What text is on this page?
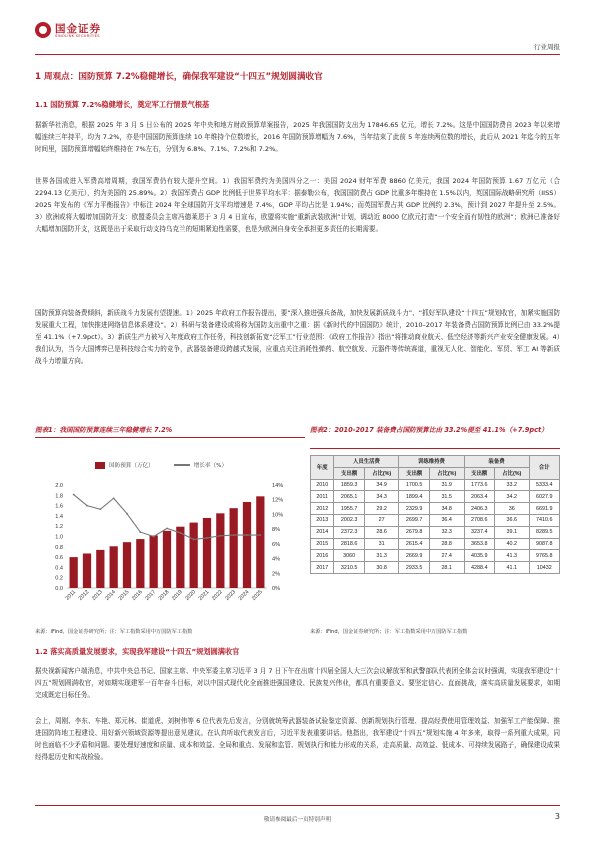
国金证券
SINOLINK SECURITIES
行业周报
1 周观点：国防预算 7.2%稳健增长，确保我军建设“十四五”规划圆满收官
1.1 国防预算 7.2%稳健增长，奠定军工行情景气根基
据新华社消息，根据 2025 年 3 月 5 日公布的 2025 年中央和地方财政预算草案报告，2025 年我国国防支出为 17846.65 亿元，增长 7.2%。这是中国国防费自 2023 年以来增幅连续三年持平，均为 7.2%，亦是中国国防预算连续 10 年维持个位数增长，2016 年国防预算增幅为 7.6%，当年结束了此前 5 年连续两位数的增长，此后从 2021 年迄今的五年时间里，国防预算增幅始终维持在 7%左右，分别为 6.8%、7.1%、7.2%和 7.2%。
世界各国或进入军费高增周期，我国军费仍有较大提升空间。1）我国军费约为美国四分之一：美国 2024 财年军费 8860 亿美元，我国 2024 年国防预算 1.67 万亿元（合 2294.13 亿美元），约为美国的 25.89%。2）我国军费占 GDP 比例低于世界平均水平：据泰勒公布，我国国防费占 GDP 比重多年维持在 1.5%以内，英国国际战略研究所（IISS）2025 年发布的《军力平衡报告》中标注 2024 年全球国防开支平均增速是 7.4%，GDP 平均占比是 1.94%；而英国军费占其 GDP 比例约 2.3%，预计到 2027 年提升至 2.5%。3）欧洲或将大幅增加国防开支：欧盟委员会主席冯德莱恩于 3 月 4 日宣布，欧盟将实施“重新武装欧洲”计划，调动近 8000 亿欧元打造“一个安全而有韧性的欧洲”；欧洲已准备好大幅增加国防开支，这既是出于采取行动支持乌克兰的短期紧迫性需要，也是为欧洲自身安全承担更多责任的长期需要。
国防预算向装备费倾斜，新质战斗力发展有望提速。1）2025 年政府工作报告提出，要“深入推进强兵备战，加快发展新质战斗力”、“抓好军队建设“十四五”规划收官，加紧实施国防发展重大工程，加快推进网络信息体系建设”。2）科研与装备建设或将称为国防支出重中之重：据《新时代的中国国防》统计，2010–2017 年装备费占国防预算比例已由 33.2%提至 41.1%（+7.9pct）。3）新质生产力被写入年度政府工作任务，科技创新拓宽“泛军工”行业范围：《政府工作报告》指出“将推动商业航天、低空经济等新兴产业安全健康发展。4）我们认为，当今大国博弈已是科技综合实力的竞争，武器装备建设跨越式发展，应重点关注消耗性弹药、航空航发、元器件等传统赛道，重视无人化、智能化、军贸、军工 AI 等新质战斗力增量方向。
图表1：我国国防预算连续三年稳健增长 7.2%	图表2：2010-2017 装备费占国防预算比由 33.2%提至 41.1%（+7.9pct）
国防预算（万亿）	增长率（%）
0.0
0.2
0.4
0.6
0.8
1.0
1.2
1.4
1.6
1.8
2.0
0%
2%
4%
6%
8%
10%
12%
14%
2011 2012 2013 2014 2015 2016 2017 2018 2019 2020 2021 2022 2023 2024 2025
年度	人员生活费		训练维持费		装备费		合计
	支出额	占比(%)	支出额	占比(%)	支出额	占比(%)	
2010	1859.3	34.9	1700.5	31.9	1773.6	33.2	5333.4
2011	2065.1	34.3	1899.4	31.5	2063.4	34.2	6027.9
2012	1955.7	29.2	2329.9	34.8	2406.3	36	6691.9
2013	2002.3	27	2699.7	36.4	2708.6	36.6	7410.6
2014	2372.3	28.6	2679.8	32.3	3237.4	39.1	8289.5
2015	2818.6	31	2615.4	28.8	3653.8	40.2	9087.8
2016	3060	31.3	2669.9	27.4	4035.9	41.3	9765.8
2017	3210.5	30.8	2933.5	28.1	4288.4	41.1	10432
来源：iFind，国金证券研究所；注：军工指数采用中万国防军工指数	来源：iFind，国金证券研究所；注：军工指数采用中万国防军工指数
1.2 落实高质量发展要求，实现我军建设“十四五”规划圆满收官
据央视新闻客户端消息，中共中央总书记、国家主席、中央军委主席习近平 3 月 7 日下午在出席十四届全国人大三次会议解放军和武警部队代表团全体会议时强调，实现我军建设“十四五”规划圆满收官，对如期实现建军一百年奋斗目标，对以中国式现代化全面推进强国建设、民族复兴伟业，都具有重要意义。要坚定信心、直面挑战，落实高质量发展要求，如期完成既定目标任务。
会上，周刚、李东、车艳、郑元林、崔道虎、刘树伟等 6 位代表先后发言，分别就统筹武器装备试验鉴定资源、创新规划执行管理、提高经费使用管理效益、加强军工产能保障、推进国防阵地工程建设、用好新兴领域资源等提出意见建议。在认真听取代表发言后，习近平发表重要讲话。他指出，我军建设“十四五”规划实施 4 年多来，取得一系列重大成果，同时也面临不少矛盾和问题。要处理好速度和质量、成本和效益、全局和重点、发展和监管、规划执行和能力形成的关系，走高质量、高效益、低成本、可持续发展路子，确保建设成果经得起历史和实战检验。
敬请参阅最后一页特别声明	3
